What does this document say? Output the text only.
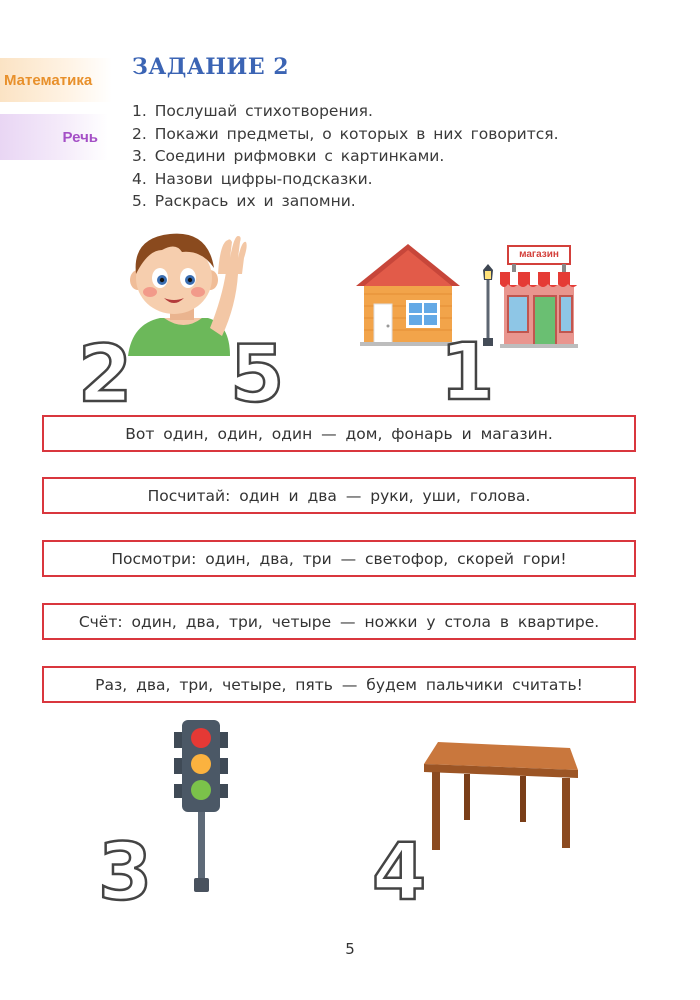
Математика
Речь
ЗАДАНИЕ 2
1. Послушай стихотворения.
2. Покажи предметы, о которых в них говорится.
3. Соедини рифмовки с картинками.
4. Назови цифры-подсказки.
5. Раскрась их и запомни.
магазин
2 5 1
Вот один, один, один — дом, фонарь и магазин.
Посчитай: один и два — руки, уши, голова.
Посмотри: один, два, три — светофор, скорей гори!
Счёт: один, два, три, четыре — ножки у стола в квартире.
Раз, два, три, четыре, пять — будем пальчики считать!
3	4
5
